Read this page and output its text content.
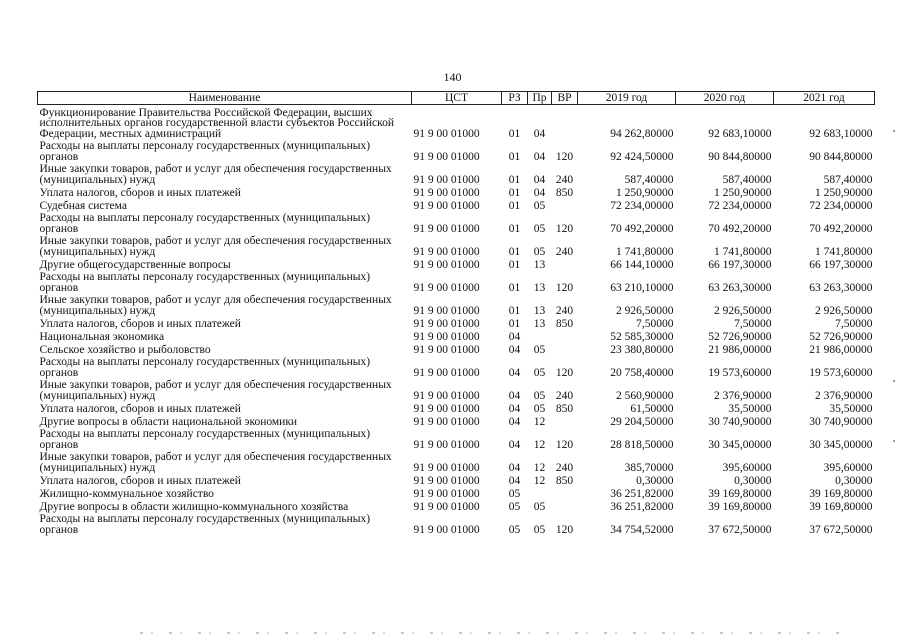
140
Наименование	ЦСТ	РЗ	Пр	ВР	2019 год	2020 год	2021 год
Функционирование Правительства Российской Федерации, высших исполнительных органов государственной власти субъектов Российской Федерации, местных администраций	91 9 00 01000	01	04		94 262,80000	92 683,10000	92 683,10000
Расходы на выплаты персоналу государственных (муниципальных) органов	91 9 00 01000	01	04	120	92 424,50000	90 844,80000	90 844,80000
Иные закупки товаров, работ и услуг для обеспечения государственных (муниципальных) нужд	91 9 00 01000	01	04	240	587,40000	587,40000	587,40000
Уплата налогов, сборов и иных платежей	91 9 00 01000	01	04	850	1 250,90000	1 250,90000	1 250,90000
Судебная система	91 9 00 01000	01	05		72 234,00000	72 234,00000	72 234,00000
Расходы на выплаты персоналу государственных (муниципальных) органов	91 9 00 01000	01	05	120	70 492,20000	70 492,20000	70 492,20000
Иные закупки товаров, работ и услуг для обеспечения государственных (муниципальных) нужд	91 9 00 01000	01	05	240	1 741,80000	1 741,80000	1 741,80000
Другие общегосударственные вопросы	91 9 00 01000	01	13		66 144,10000	66 197,30000	66 197,30000
Расходы на выплаты персоналу государственных (муниципальных) органов	91 9 00 01000	01	13	120	63 210,10000	63 263,30000	63 263,30000
Иные закупки товаров, работ и услуг для обеспечения государственных (муниципальных) нужд	91 9 00 01000	01	13	240	2 926,50000	2 926,50000	2 926,50000
Уплата налогов, сборов и иных платежей	91 9 00 01000	01	13	850	7,50000	7,50000	7,50000
Национальная экономика	91 9 00 01000	04			52 585,30000	52 726,90000	52 726,90000
Сельское хозяйство и рыболовство	91 9 00 01000	04	05		23 380,80000	21 986,00000	21 986,00000
Расходы на выплаты персоналу государственных (муниципальных) органов	91 9 00 01000	04	05	120	20 758,40000	19 573,60000	19 573,60000
Иные закупки товаров, работ и услуг для обеспечения государственных (муниципальных) нужд	91 9 00 01000	04	05	240	2 560,90000	2 376,90000	2 376,90000
Уплата налогов, сборов и иных платежей	91 9 00 01000	04	05	850	61,50000	35,50000	35,50000
Другие вопросы в области национальной экономики	91 9 00 01000	04	12		29 204,50000	30 740,90000	30 740,90000
Расходы на выплаты персоналу государственных (муниципальных) органов	91 9 00 01000	04	12	120	28 818,50000	30 345,00000	30 345,00000
Иные закупки товаров, работ и услуг для обеспечения государственных (муниципальных) нужд	91 9 00 01000	04	12	240	385,70000	395,60000	395,60000
Уплата налогов, сборов и иных платежей	91 9 00 01000	04	12	850	0,30000	0,30000	0,30000
Жилищно-коммунальное хозяйство	91 9 00 01000	05			36 251,82000	39 169,80000	39 169,80000
Другие вопросы в области жилищно-коммунального хозяйства	91 9 00 01000	05	05		36 251,82000	39 169,80000	39 169,80000
Расходы на выплаты персоналу государственных (муниципальных) органов	91 9 00 01000	05	05	120	34 754,52000	37 672,50000	37 672,50000
